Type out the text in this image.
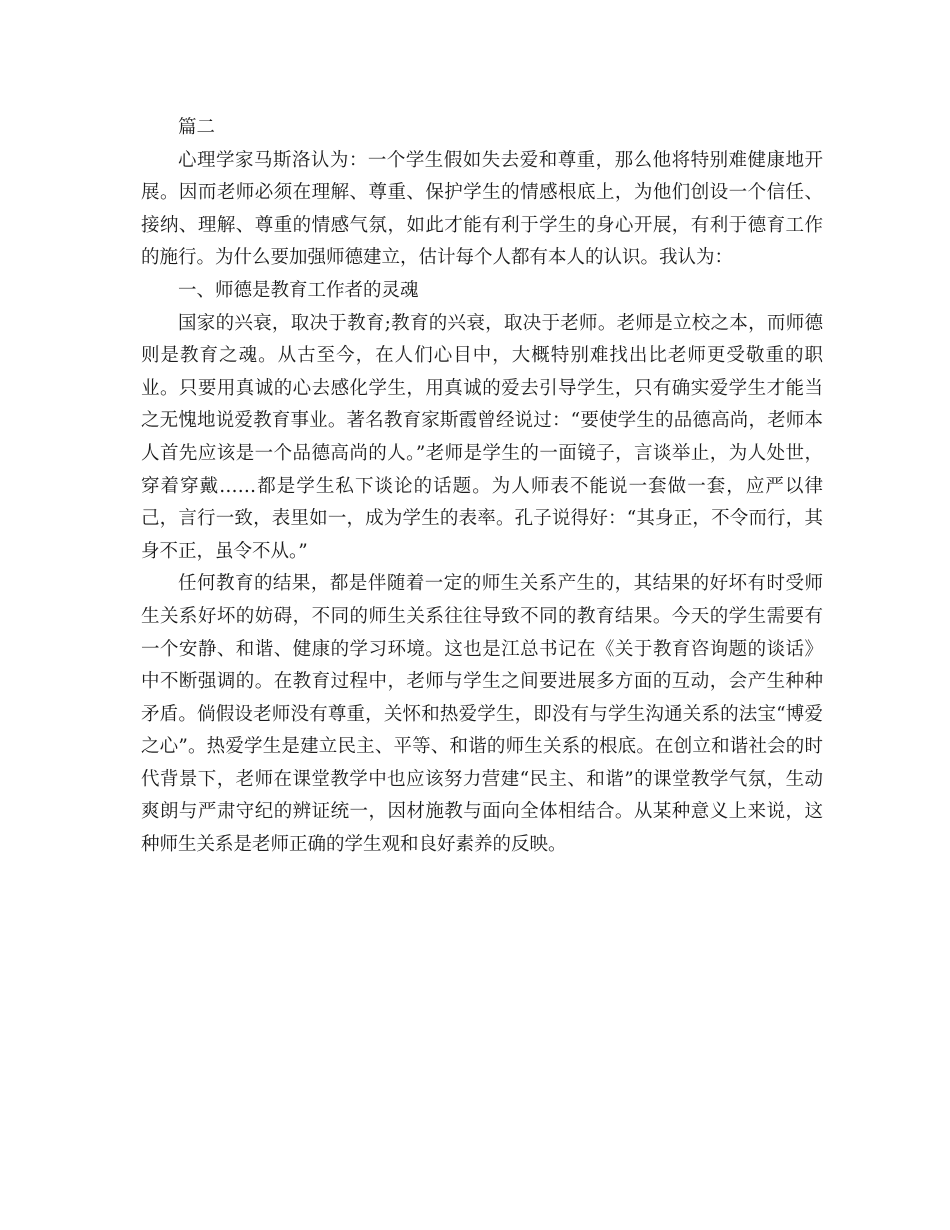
篇二

心理学家马斯洛认为：一个学生假如失去爱和尊重，那么他将特别难健康地开展。因而老师必须在理解、尊重、保护学生的情感根底上，为他们创设一个信任、接纳、理解、尊重的情感气氛，如此才能有利于学生的身心开展，有利于德育工作的施行。为什么要加强师德建立，估计每个人都有本人的认识。我认为：

一、师德是教育工作者的灵魂

国家的兴衰，取决于教育;教育的兴衰，取决于老师。老师是立校之本，而师德则是教育之魂。从古至今，在人们心目中，大概特别难找出比老师更受敬重的职业。只要用真诚的心去感化学生，用真诚的爱去引导学生，只有确实爱学生才能当之无愧地说爱教育事业。著名教育家斯霞曾经说过：“要使学生的品德高尚，老师本人首先应该是一个品德高尚的人。”老师是学生的一面镜子，言谈举止，为人处世，穿着穿戴……都是学生私下谈论的话题。为人师表不能说一套做一套，应严以律己，言行一致，表里如一，成为学生的表率。孔子说得好：“其身正，不令而行，其身不正，虽令不从。”

任何教育的结果，都是伴随着一定的师生关系产生的，其结果的好坏有时受师生关系好坏的妨碍，不同的师生关系往往导致不同的教育结果。今天的学生需要有一个安静、和谐、健康的学习环境。这也是江总书记在《关于教育咨询题的谈话》中不断强调的。在教育过程中，老师与学生之间要进展多方面的互动，会产生种种矛盾。倘假设老师没有尊重，关怀和热爱学生，即没有与学生沟通关系的法宝“博爱之心”。热爱学生是建立民主、平等、和谐的师生关系的根底。在创立和谐社会的时代背景下，老师在课堂教学中也应该努力营建“民主、和谐”的课堂教学气氛，生动爽朗与严肃守纪的辨证统一，因材施教与面向全体相结合。从某种意义上来说，这种师生关系是老师正确的学生观和良好素养的反映。
